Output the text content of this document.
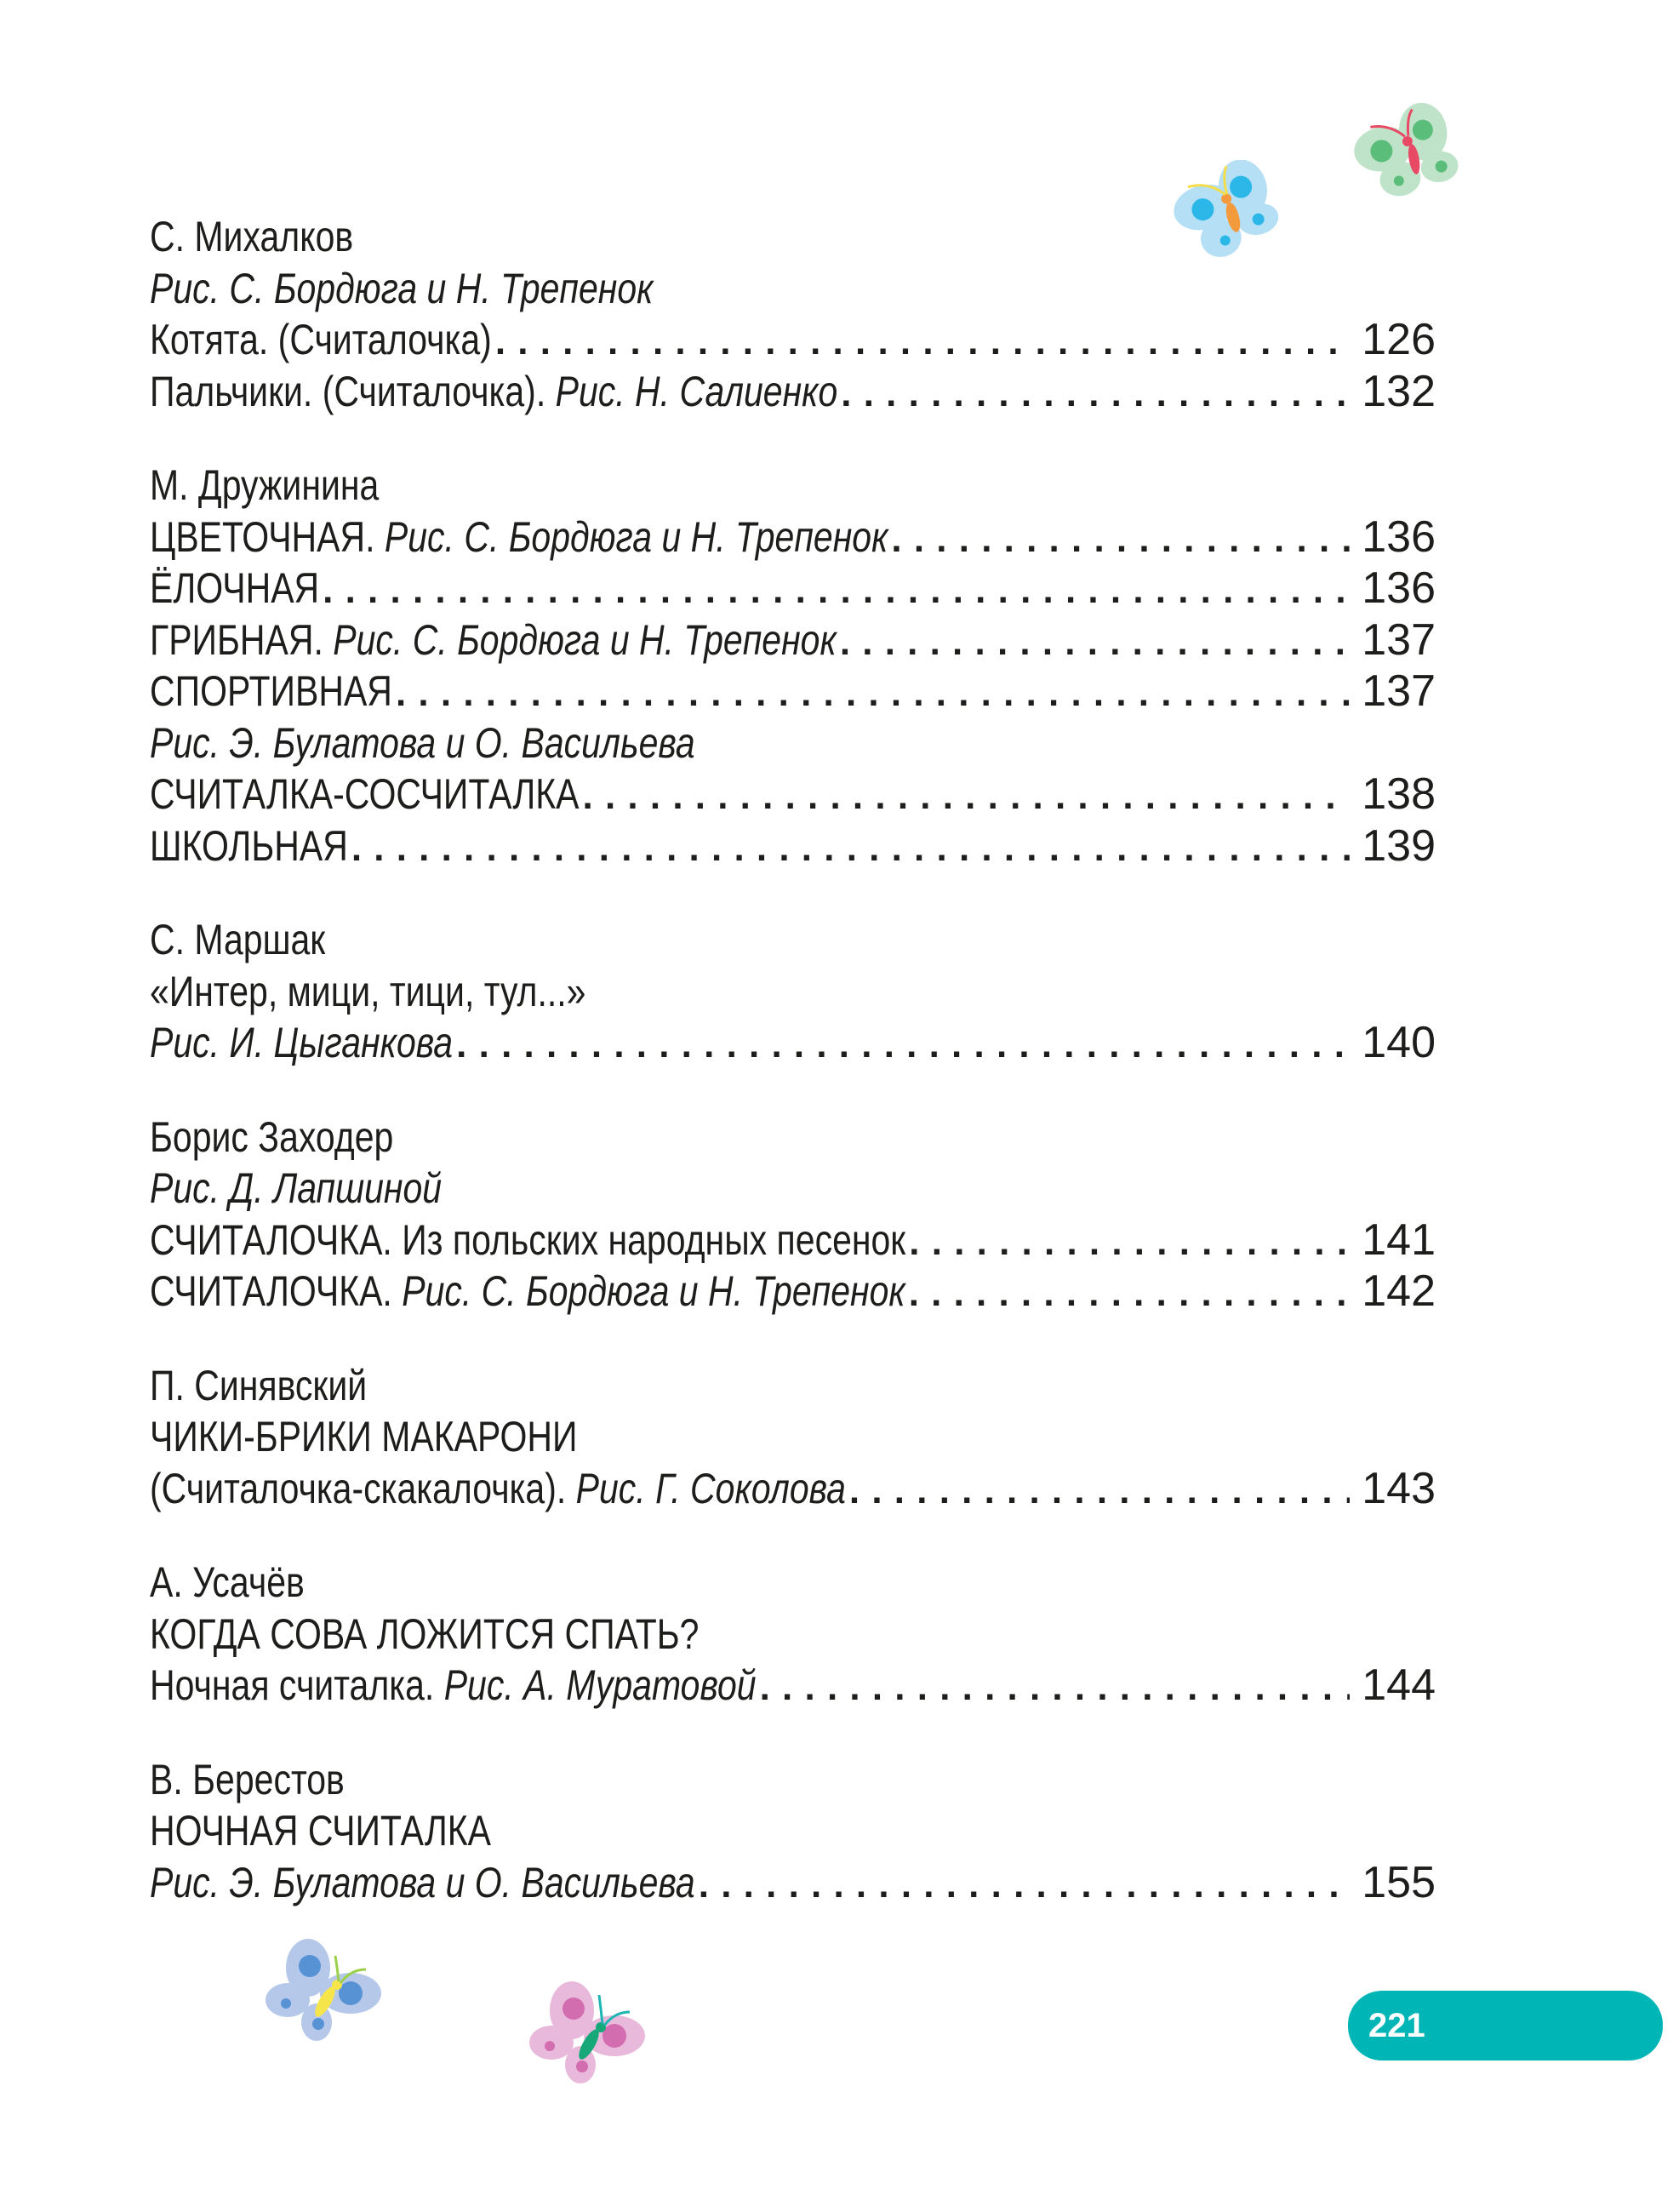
С. Михалков
Рис. С. Бордюга и Н. Трепенок
Котята. (Считалочка) . . .	126
Пальчики. (Считалочка). Рис. Н. Салиенко . . .	132
М. Дружинина
ЦВЕТОЧНАЯ. Рис. С. Бордюга и Н. Трепенок . . .	136
ЁЛОЧНАЯ . . .	136
ГРИБНАЯ. Рис. С. Бордюга и Н. Трепенок . . .	137
СПОРТИВНАЯ . . .	137
Рис. Э. Булатова и О. Васильева
СЧИТАЛКА-СОСЧИТАЛКА . . .	138
ШКОЛЬНАЯ . . .	139
С. Маршак
«Интер, мици, тици, тул...»
Рис. И. Цыганкова . . .	140
Борис Заходер
Рис. Д. Лапшиной
СЧИТАЛОЧКА. Из польских народных песенок . . .	141
СЧИТАЛОЧКА. Рис. С. Бордюга и Н. Трепенок . . .	142
П. Синявский
ЧИКИ-БРИКИ МАКАРОНИ
(Считалочка-скакалочка). Рис. Г. Соколова . . .	143
А. Усачёв
КОГДА СОВА ЛОЖИТСЯ СПАТЬ?
Ночная считалка. Рис. А. Муратовой . . .	144
В. Берестов
НОЧНАЯ СЧИТАЛКА
Рис. Э. Булатова и О. Васильева . . .	155
221
